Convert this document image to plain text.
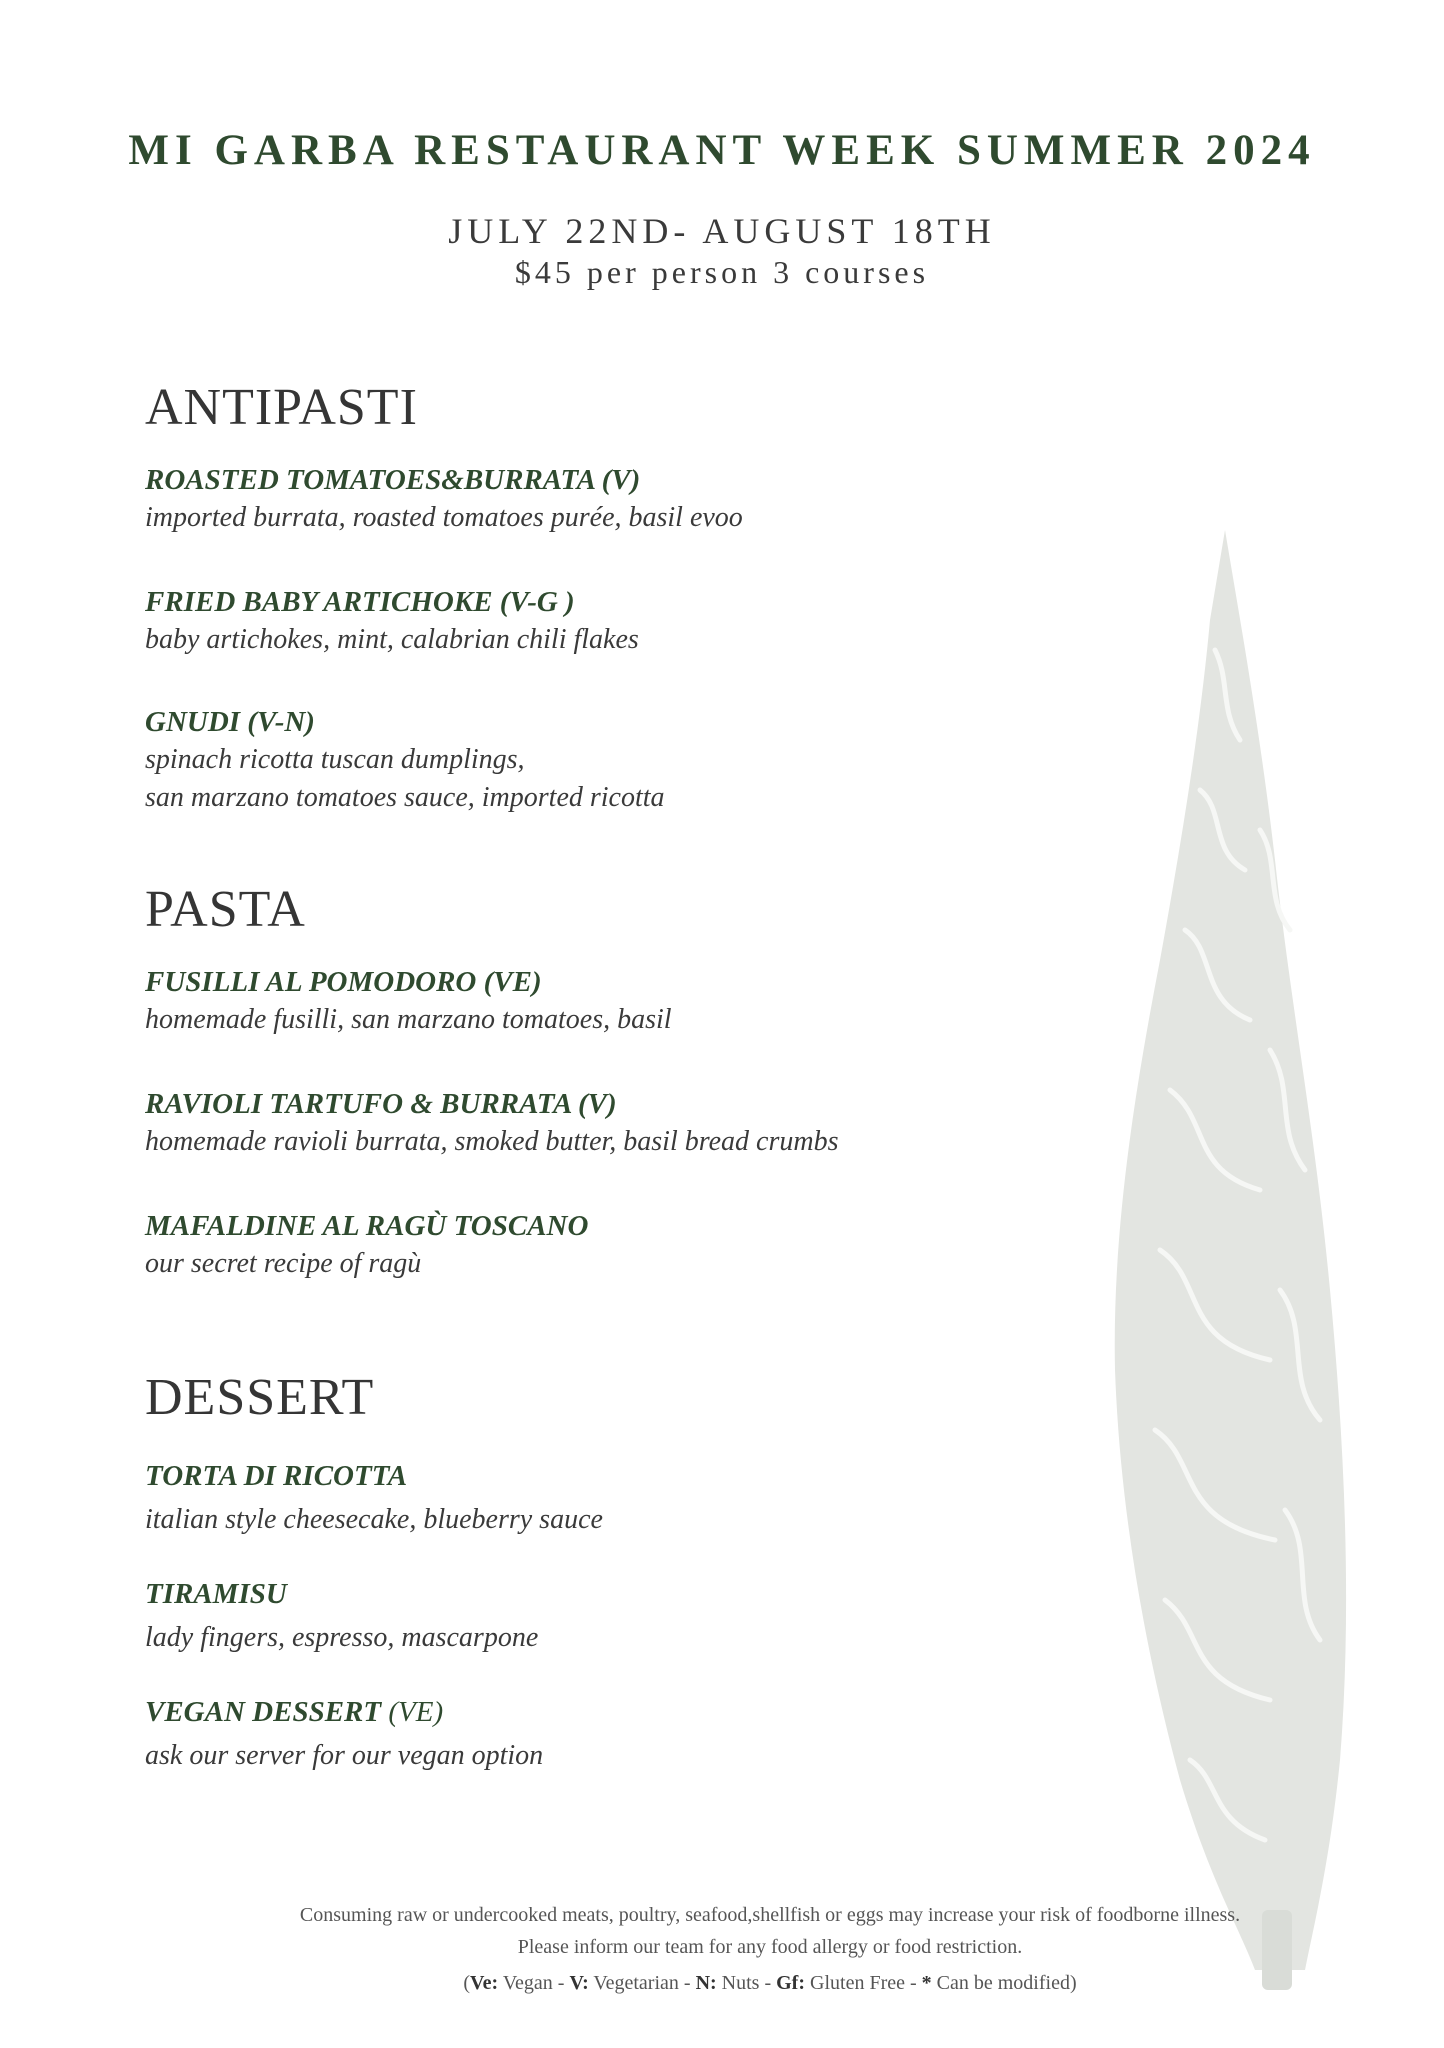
MI GARBA RESTAURANT WEEK SUMMER 2024
JULY 22ND- AUGUST 18TH
$45 per person 3 courses
ANTIPASTI
ROASTED TOMATOES&BURRATA (V)
imported burrata, roasted tomatoes purée, basil evoo
FRIED BABY ARTICHOKE (V-G )
baby artichokes, mint, calabrian chili flakes
GNUDI (V-N)
spinach ricotta tuscan dumplings,
san marzano tomatoes sauce, imported ricotta
PASTA
FUSILLI AL POMODORO (VE)
homemade fusilli, san marzano tomatoes, basil
RAVIOLI TARTUFO & BURRATA (V)
homemade ravioli burrata, smoked butter, basil bread crumbs
MAFALDINE AL RAGÙ TOSCANO
our secret recipe of ragù
DESSERT
TORTA DI RICOTTA
italian style cheesecake, blueberry sauce
TIRAMISU
lady fingers, espresso, mascarpone
VEGAN DESSERT (VE)
ask our server for our vegan option
Consuming raw or undercooked meats, poultry, seafood,shellfish or eggs may increase your risk of foodborne illness.
Please inform our team for any food allergy or food restriction.
(Ve: Vegan - V: Vegetarian - N: Nuts - Gf: Gluten Free - * Can be modified)
